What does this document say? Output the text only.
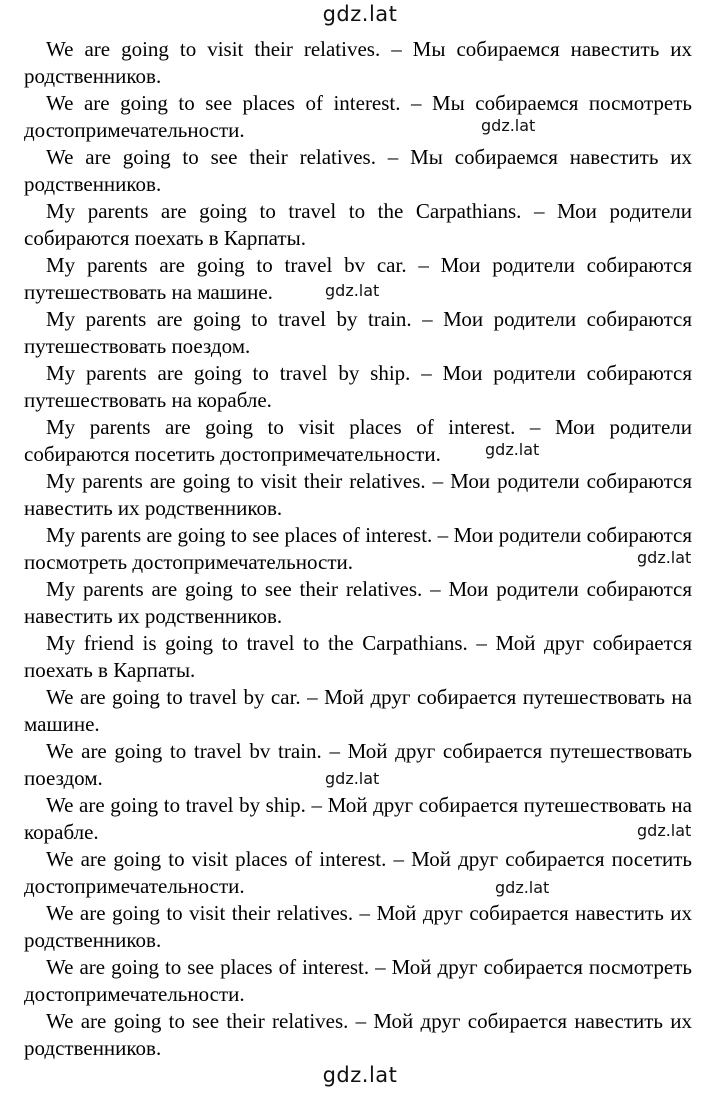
gdz.lat

We are going to visit their relatives. – Мы собираемся навестить их родственников.

We are going to see places of interest. – Мы собираемся посмотреть достопримечательности.

We are going to see their relatives. – Мы собираемся навестить их родственников.

My parents are going to travel to the Carpathians. – Мои родители собираются поехать в Карпаты.

My parents are going to travel bv car. – Мои родители собираются путешествовать на машине.

My parents are going to travel by train. – Мои родители собираются путешествовать поездом.

My parents are going to travel by ship. – Мои родители собираются путешествовать на корабле.

My parents are going to visit places of interest. – Мои родители собираются посетить достопримечательности.

My parents are going to visit their relatives. – Мои родители собираются навестить их родственников.

My parents are going to see places of interest. – Мои родители собираются посмотреть достопримечательности.

My parents are going to see their relatives. – Мои родители собираются навестить их родственников.

My friend is going to travel to the Carpathians. – Мой друг собирается поехать в Карпаты.

We are going to travel by car. – Мой друг собирается путешествовать на машине.

We are going to travel bv train. – Мой друг собирается путешествовать поездом.

We are going to travel by ship. – Мой друг собирается путешествовать на корабле.

We are going to visit places of interest. – Мой друг собирается посетить достопримечательности.

We are going to visit their relatives. – Мой друг собирается навестить их родственников.

We are going to see places of interest. – Мой друг собирается посмотреть достопримечательности.

We are going to see their relatives. – Мой друг собирается навестить их родственников.

gdz.lat
gdz.lat
gdz.lat
gdz.lat
gdz.lat
gdz.lat
gdz.lat
gdz.lat
